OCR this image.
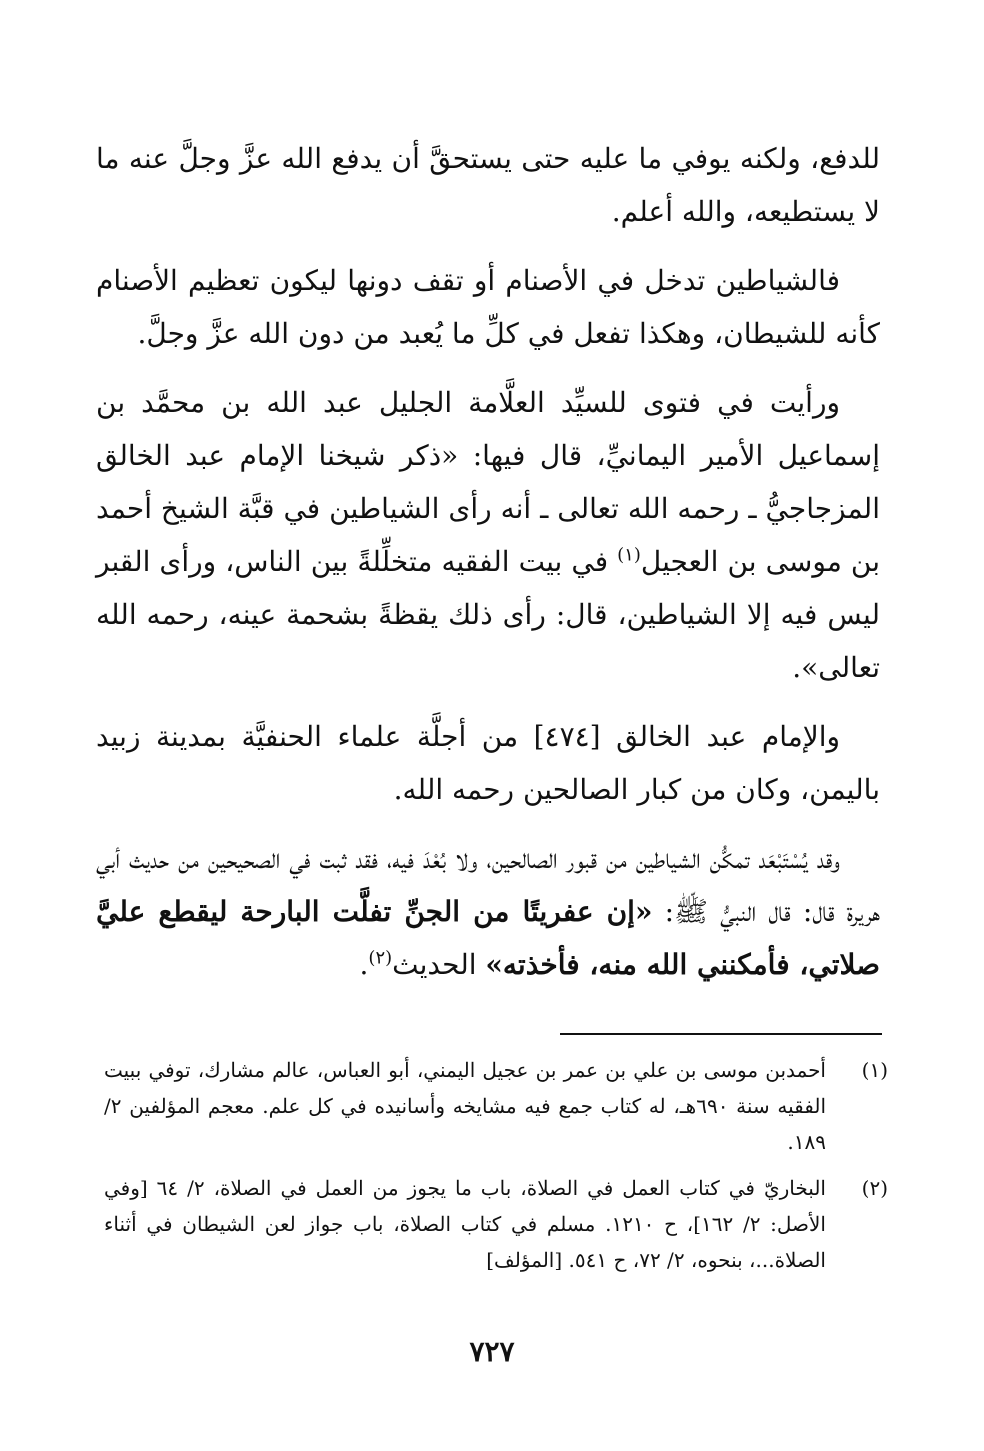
للدفع، ولكنه يوفي ما عليه حتى يستحقَّ أن يدفع الله عزَّ وجلَّ عنه ما لا يستطيعه، والله أعلم.

فالشياطين تدخل في الأصنام أو تقف دونها ليكون تعظيم الأصنام كأنه للشيطان، وهكذا تفعل في كلِّ ما يُعبد من دون الله عزَّ وجلَّ.

ورأيت في فتوى للسيِّد العلَّامة الجليل عبد الله بن محمَّد بن إسماعيل الأمير اليمانيِّ، قال فيها: «ذكر شيخنا الإمام عبد الخالق المزجاجيُّ ـ رحمه الله تعالى ـ أنه رأى الشياطين في قبَّة الشيخ أحمد بن موسى بن العجيل$^{(١)}$ في بيت الفقيه متخلِّلةً بين الناس، ورأى القبر ليس فيه إلا الشياطين، قال: رأى ذلك يقظةً بشحمة عينه، رحمه الله تعالى».

والإمام عبد الخالق [٤٧٤] من أجلَّة علماء الحنفيَّة بمدينة زبيد باليمن، وكان من كبار الصالحين رحمه الله.

وقد يُسْتَبْعَد تمكُّن الشياطين من قبور الصالحين، ولا بُعْدَ فيه، فقد ثبت في الصحيحين من حديث أبي هريرة قال: قال النبيُّ ﷺ: «إن عفريتًا من الجنِّ تفلَّت البارحة ليقطع عليَّ صلاتي، فأمكنني الله منه، فأخذته» الحديث$^{(٢)}$.

(١)
أحمدبن موسى بن علي بن عمر بن عجيل اليمني، أبو العباس، عالم مشارك، توفي ببيت الفقيه سنة ٦٩٠هـ، له كتاب جمع فيه مشايخه وأسانيده في كل علم. معجم المؤلفين ٢/ ١٨٩.

(٢)
البخاريّ في كتاب العمل في الصلاة، باب ما يجوز من العمل في الصلاة، ٢/ ٦٤ [وفي الأصل: ٢/ ١٦٢]، ح ١٢١٠. مسلم في كتاب الصلاة، باب جواز لعن الشيطان في أثناء الصلاة...، بنحوه، ٢/ ٧٢، ح ٥٤١. [المؤلف]

٧٢٧
